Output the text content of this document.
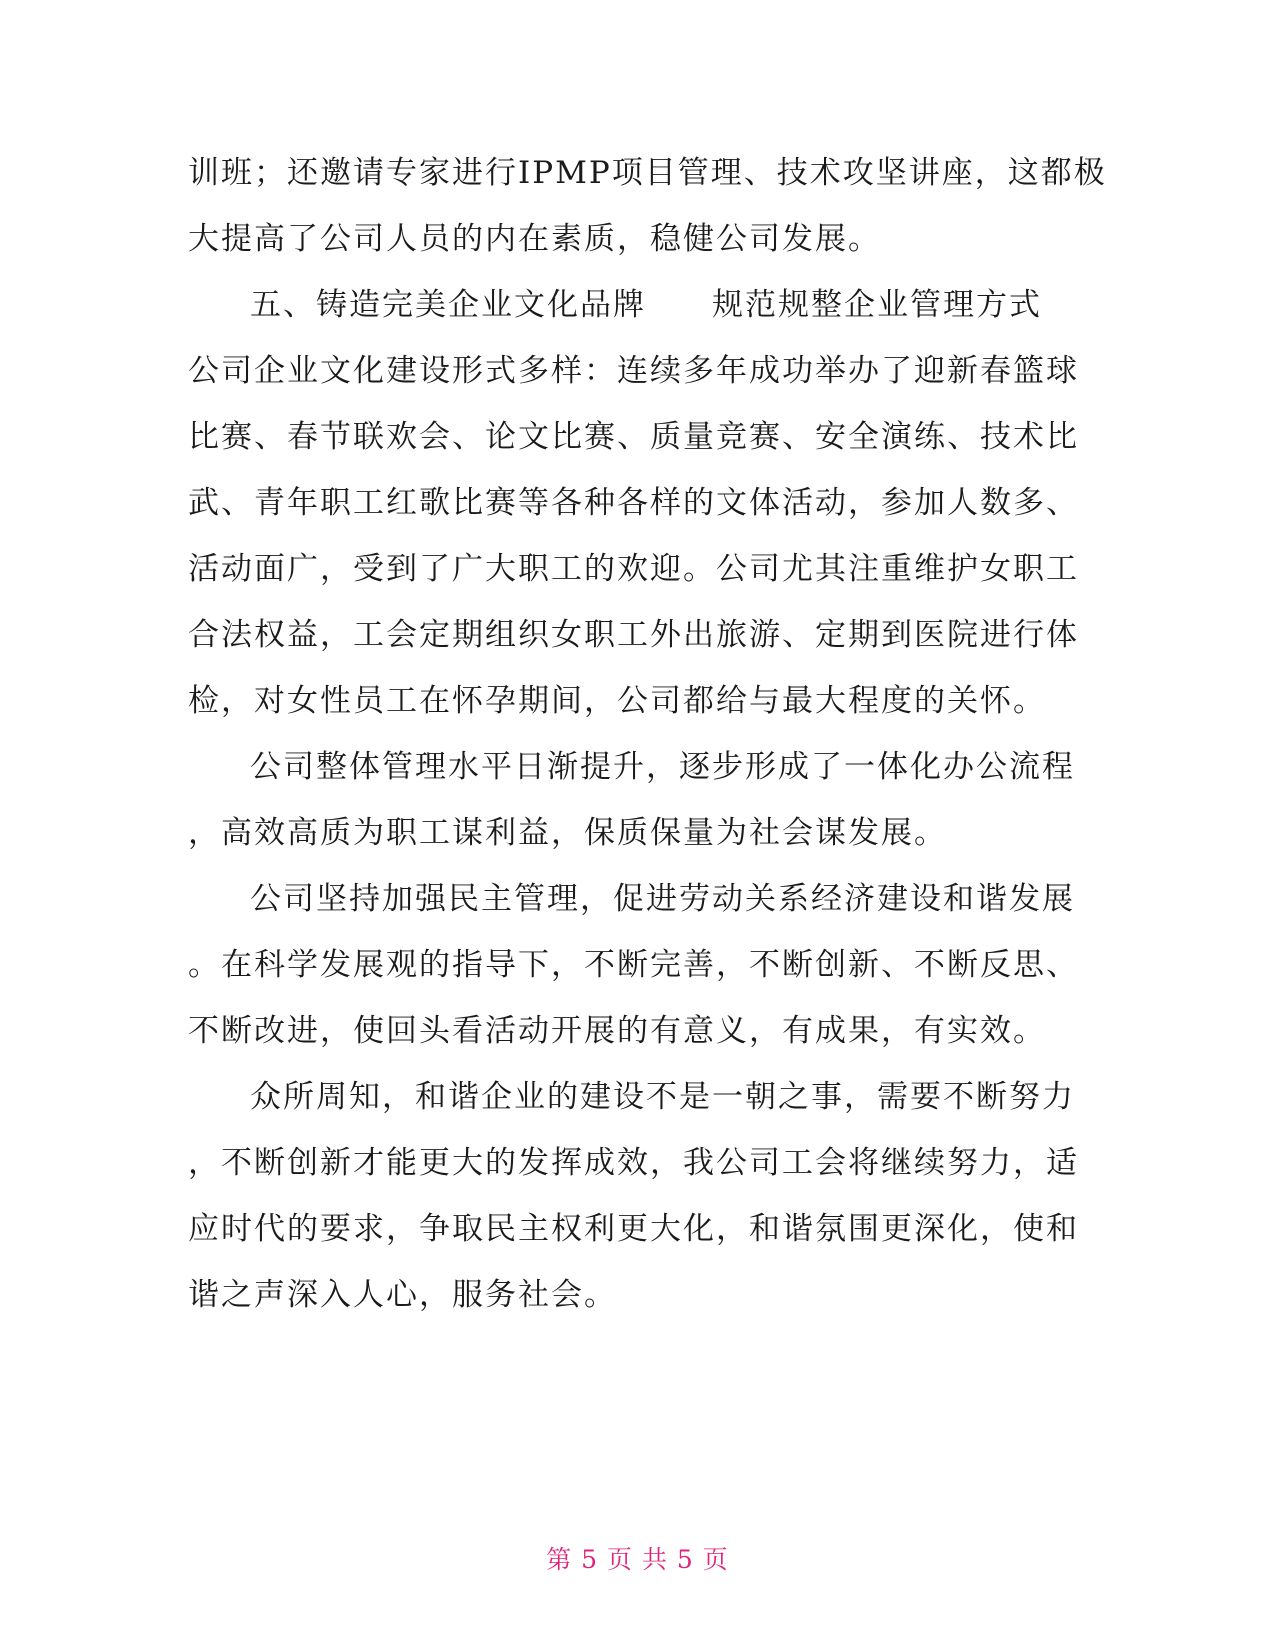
训班；还邀请专家进行IPMP项目管理、技术攻坚讲座，这都极
大提高了公司人员的内在素质，稳健公司发展。
五、铸造完美企业文化品牌　　规范规整企业管理方式
公司企业文化建设形式多样：连续多年成功举办了迎新春篮球
比赛、春节联欢会、论文比赛、质量竞赛、安全演练、技术比
武、青年职工红歌比赛等各种各样的文体活动，参加人数多、
活动面广，受到了广大职工的欢迎。公司尤其注重维护女职工
合法权益，工会定期组织女职工外出旅游、定期到医院进行体
检，对女性员工在怀孕期间，公司都给与最大程度的关怀。
公司整体管理水平日渐提升，逐步形成了一体化办公流程
，高效高质为职工谋利益，保质保量为社会谋发展。
公司坚持加强民主管理，促进劳动关系经济建设和谐发展
。在科学发展观的指导下，不断完善，不断创新、不断反思、
不断改进，使回头看活动开展的有意义，有成果，有实效。
众所周知，和谐企业的建设不是一朝之事，需要不断努力
，不断创新才能更大的发挥成效，我公司工会将继续努力，适
应时代的要求，争取民主权利更大化，和谐氛围更深化，使和
谐之声深入人心，服务社会。
第 5 页 共 5 页
